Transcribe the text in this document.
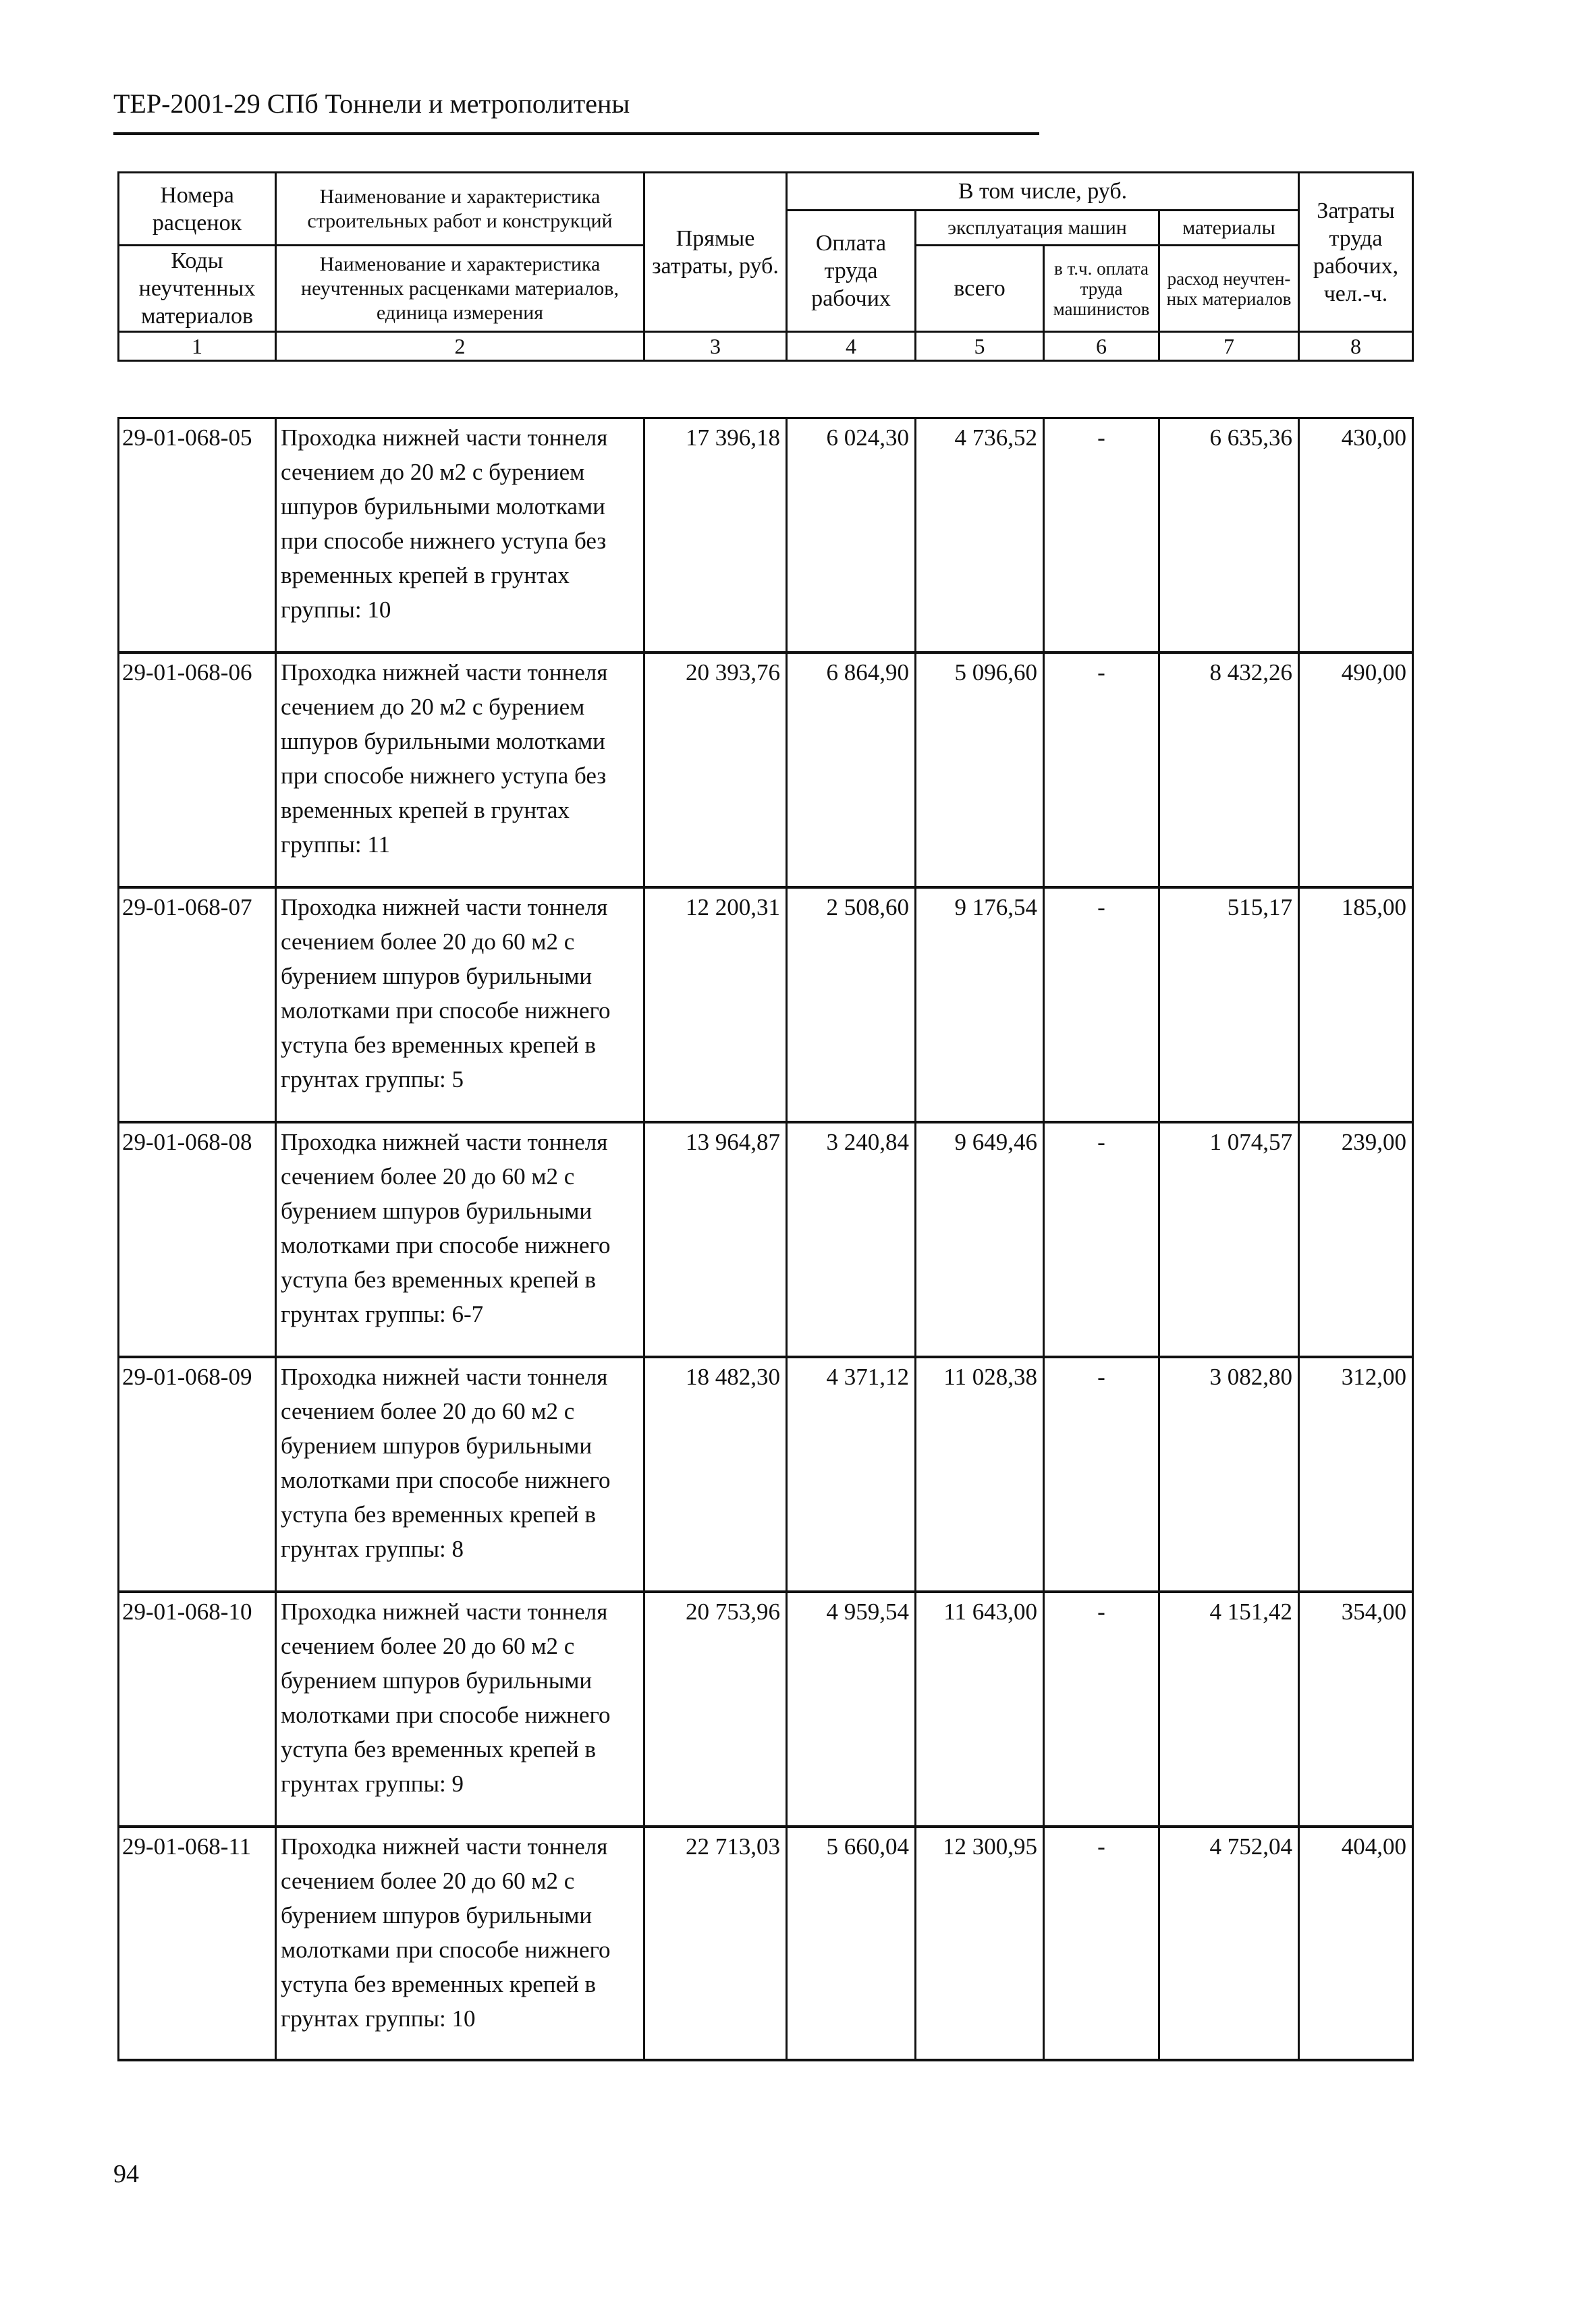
ТЕР-2001-29 СПб Тоннели и метрополитены
Номера расценок	Наименование и характеристика строительных работ и конструкций	Прямые затраты, руб.	В том числе, руб.				Затраты труда рабочих, чел.-ч.
			Оплата труда рабочих	эксплуатация машин		материалы	
Коды неучтенных материалов	Наименование и характеристика неучтенных расценками материалов, единица измерения			всего	в т.ч. оплата труда машинистов	расход неучтен-ных материалов	

1	2	3	4	5	6	7	8
29-01-068-05	Проходка нижней части тоннеля сечением до 20 м2 с бурением шпуров бурильными молотками при способе нижнего уступа без временных крепей в грунтах группы: 10	17 396,18	6 024,30	4 736,52	-	6 635,36	430,00
29-01-068-06	Проходка нижней части тоннеля сечением до 20 м2 с бурением шпуров бурильными молотками при способе нижнего уступа без временных крепей в грунтах группы: 11	20 393,76	6 864,90	5 096,60	-	8 432,26	490,00
29-01-068-07	Проходка нижней части тоннеля сечением более 20 до 60 м2 с бурением шпуров бурильными молотками при способе нижнего уступа без временных крепей в грунтах группы: 5	12 200,31	2 508,60	9 176,54	-	515,17	185,00
29-01-068-08	Проходка нижней части тоннеля сечением более 20 до 60 м2 с бурением шпуров бурильными молотками при способе нижнего уступа без временных крепей в грунтах группы: 6-7	13 964,87	3 240,84	9 649,46	-	1 074,57	239,00
29-01-068-09	Проходка нижней части тоннеля сечением более 20 до 60 м2 с бурением шпуров бурильными молотками при способе нижнего уступа без временных крепей в грунтах группы: 8	18 482,30	4 371,12	11 028,38	-	3 082,80	312,00
29-01-068-10	Проходка нижней части тоннеля сечением более 20 до 60 м2 с бурением шпуров бурильными молотками при способе нижнего уступа без временных крепей в грунтах группы: 9	20 753,96	4 959,54	11 643,00	-	4 151,42	354,00
29-01-068-11	Проходка нижней части тоннеля сечением более 20 до 60 м2 с бурением шпуров бурильными молотками при способе нижнего уступа без временных крепей в грунтах группы: 10	22 713,03	5 660,04	12 300,95	-	4 752,04	404,00
94
